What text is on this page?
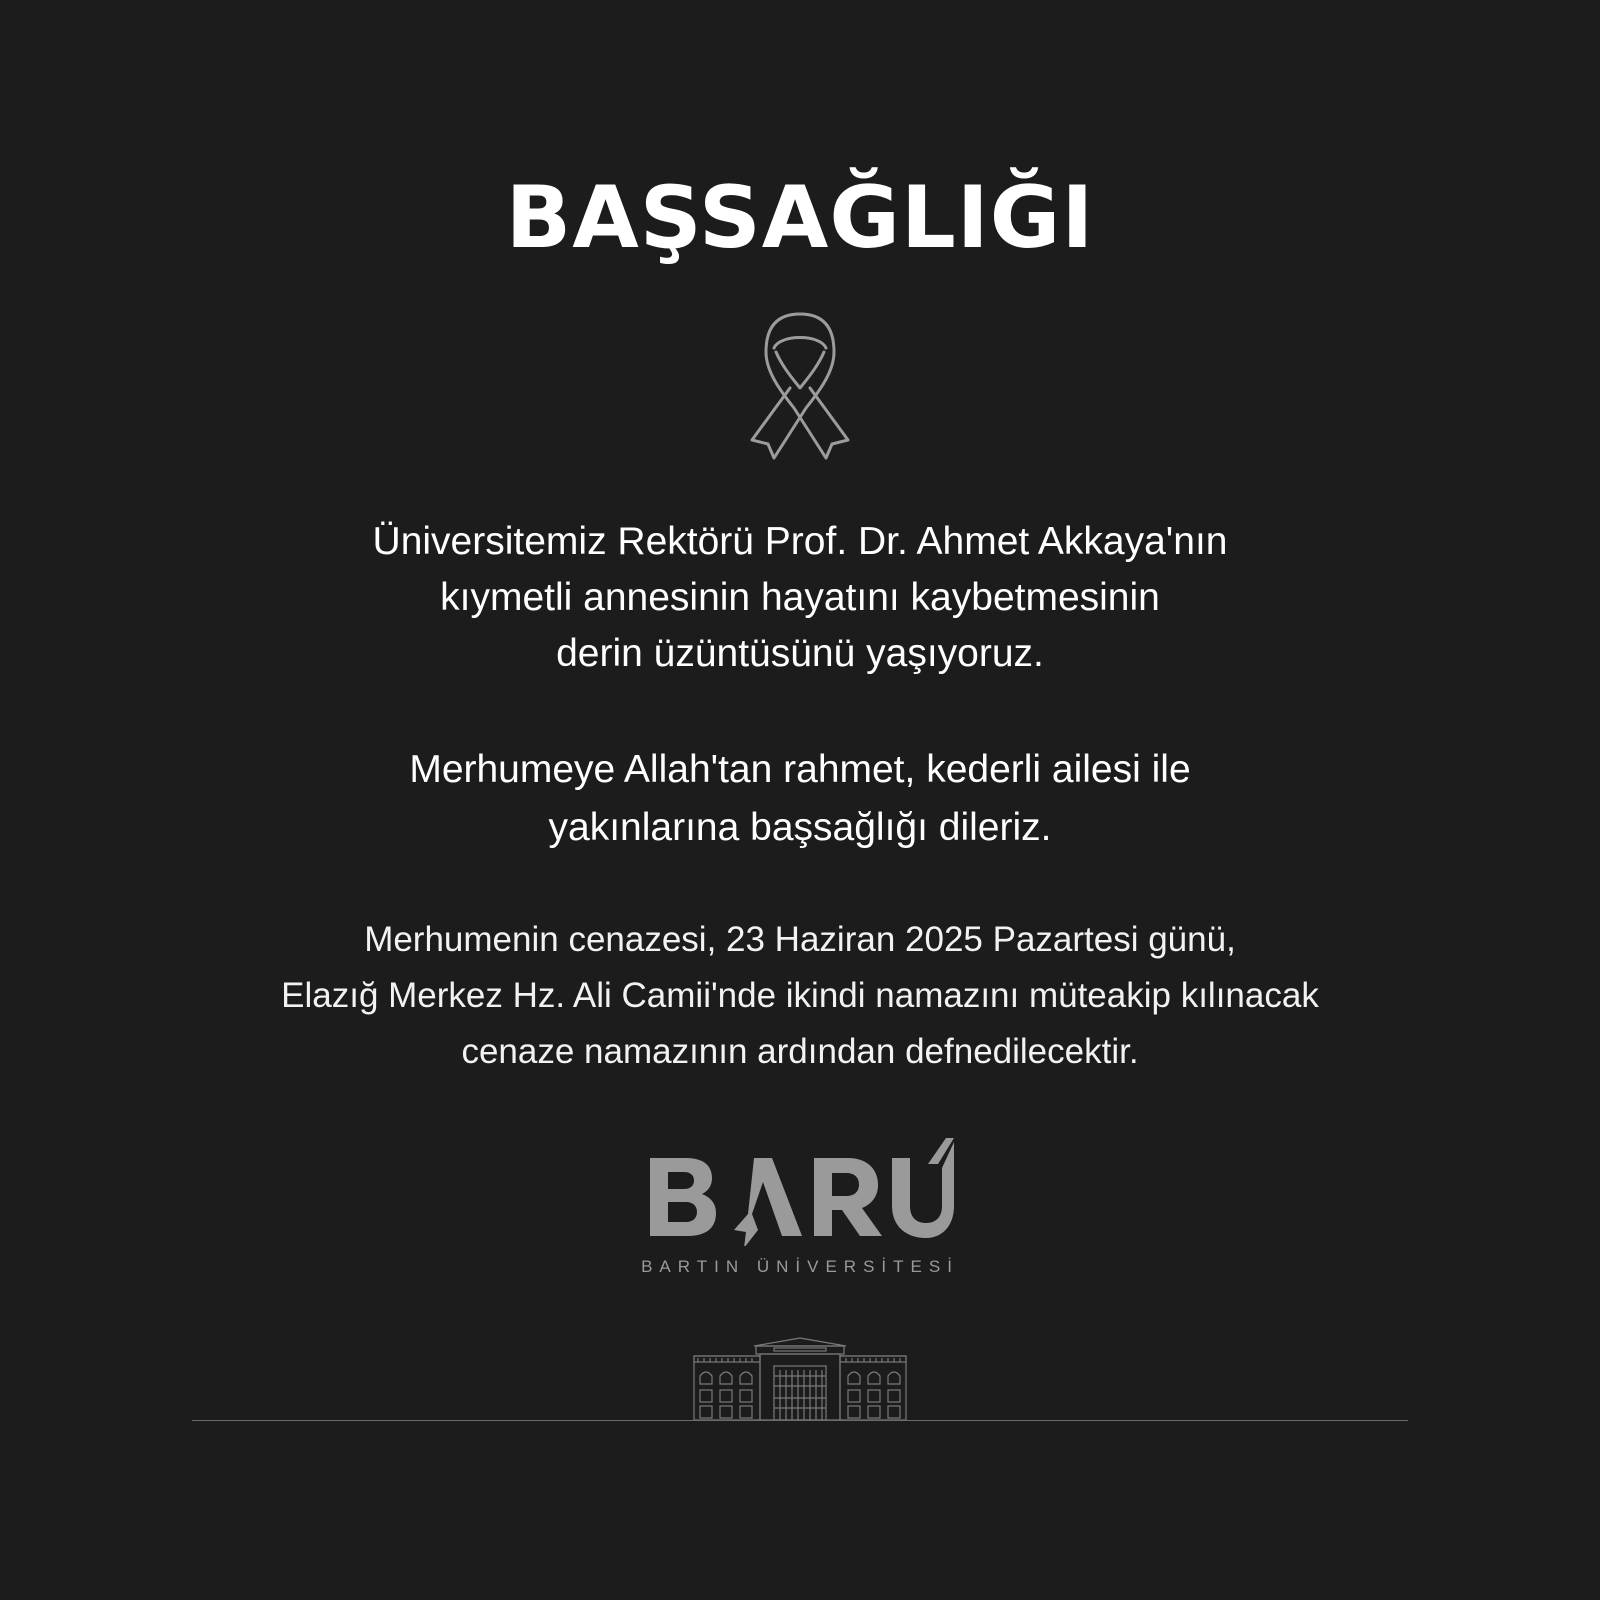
BAŞSAĞLIĞI
Üniversitemiz Rektörü Prof. Dr. Ahmet Akkaya'nın
kıymetli annesinin hayatını kaybetmesinin
derin üzüntüsünü yaşıyoruz.
Merhumeye Allah'tan rahmet, kederli ailesi ile
yakınlarına başsağlığı dileriz.
Merhumenin cenazesi, 23 Haziran 2025 Pazartesi günü,
Elazığ Merkez Hz. Ali Camii'nde ikindi namazını müteakip kılınacak
cenaze namazının ardından defnedilecektir.
BARTIN ÜNİVERSİTESİ
